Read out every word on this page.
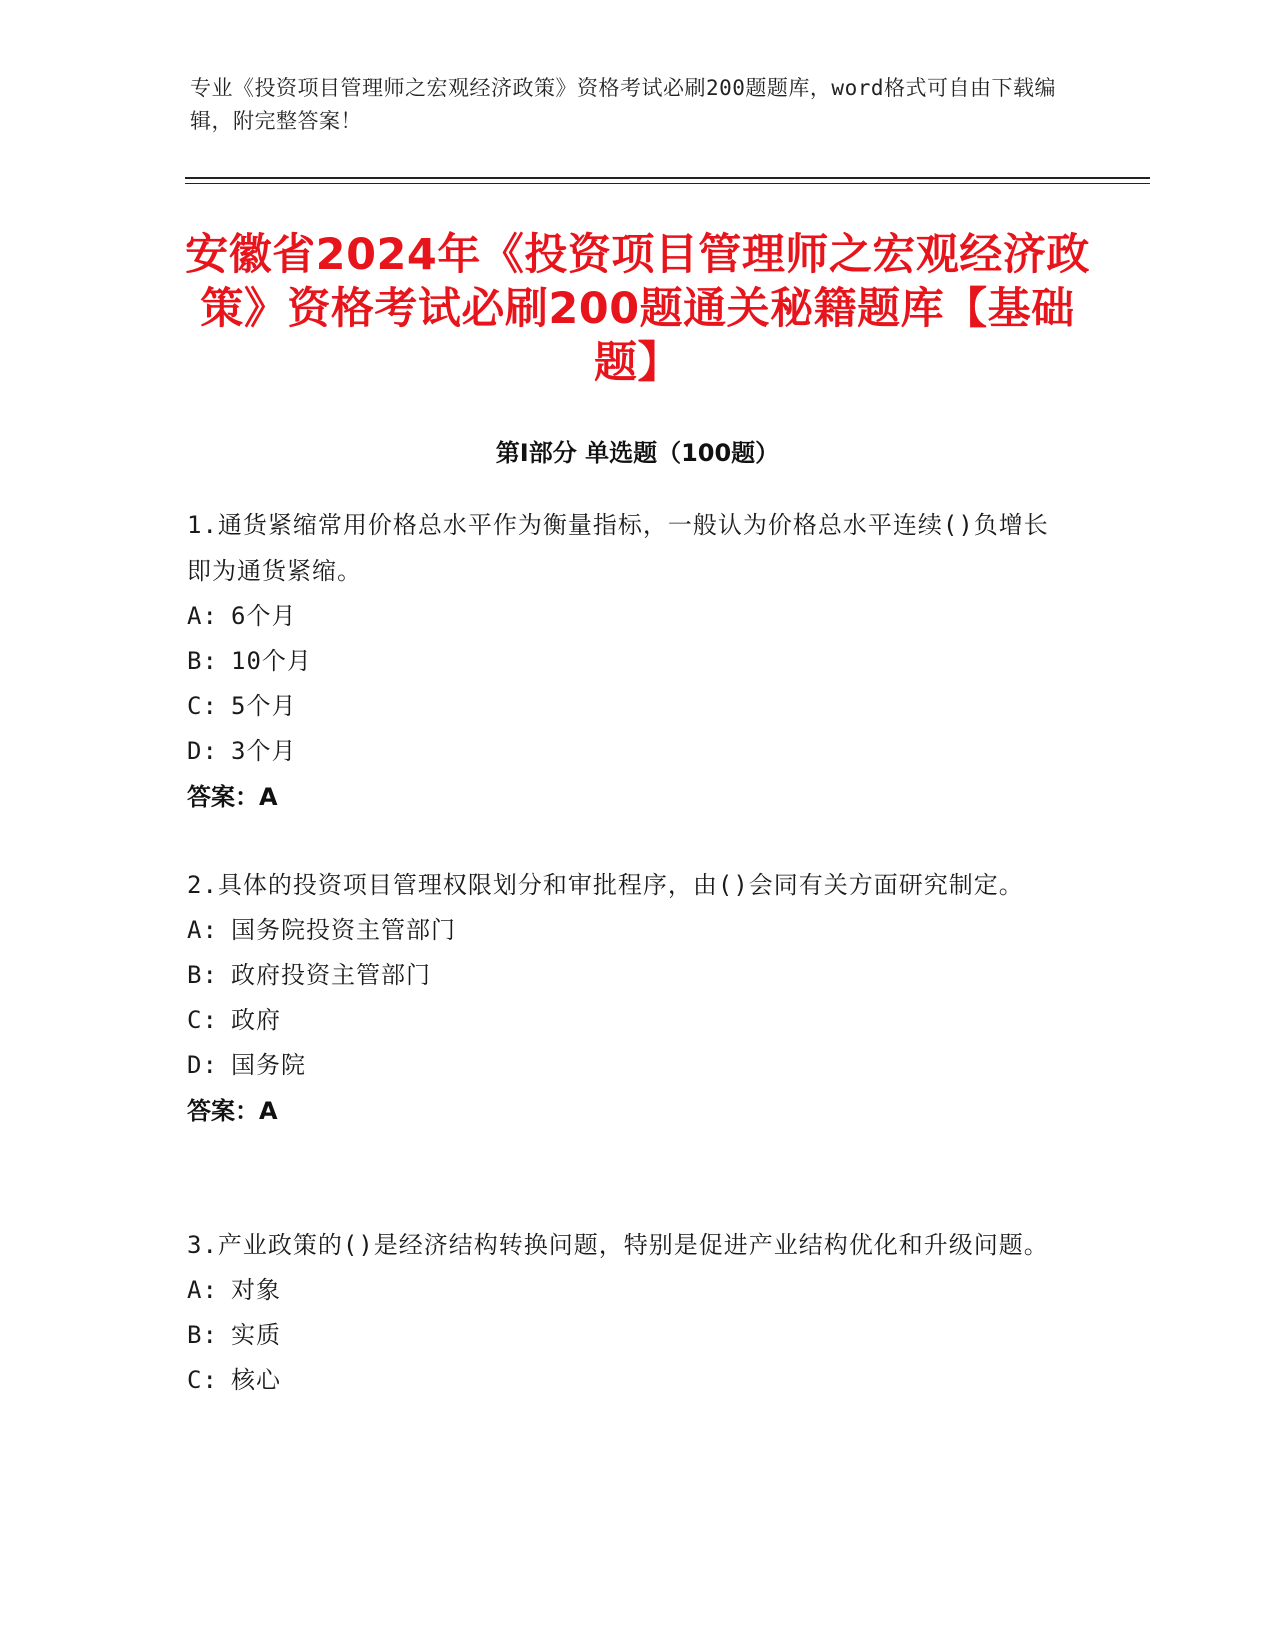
专业《投资项目管理师之宏观经济政策》资格考试必刷200题题库，word格式可自由下载编辑，附完整答案！
安徽省2024年《投资项目管理师之宏观经济政策》资格考试必刷200题通关秘籍题库【基础题】
第I部分 单选题（100题）
1.通货紧缩常用价格总水平作为衡量指标，一般认为价格总水平连续()负增长即为通货紧缩。
A: 6个月
B: 10个月
C: 5个月
D: 3个月
答案：A
2.具体的投资项目管理权限划分和审批程序，由()会同有关方面研究制定。
A: 国务院投资主管部门
B: 政府投资主管部门
C: 政府
D: 国务院
答案：A
3.产业政策的()是经济结构转换问题，特别是促进产业结构优化和升级问题。
A: 对象
B: 实质
C: 核心
